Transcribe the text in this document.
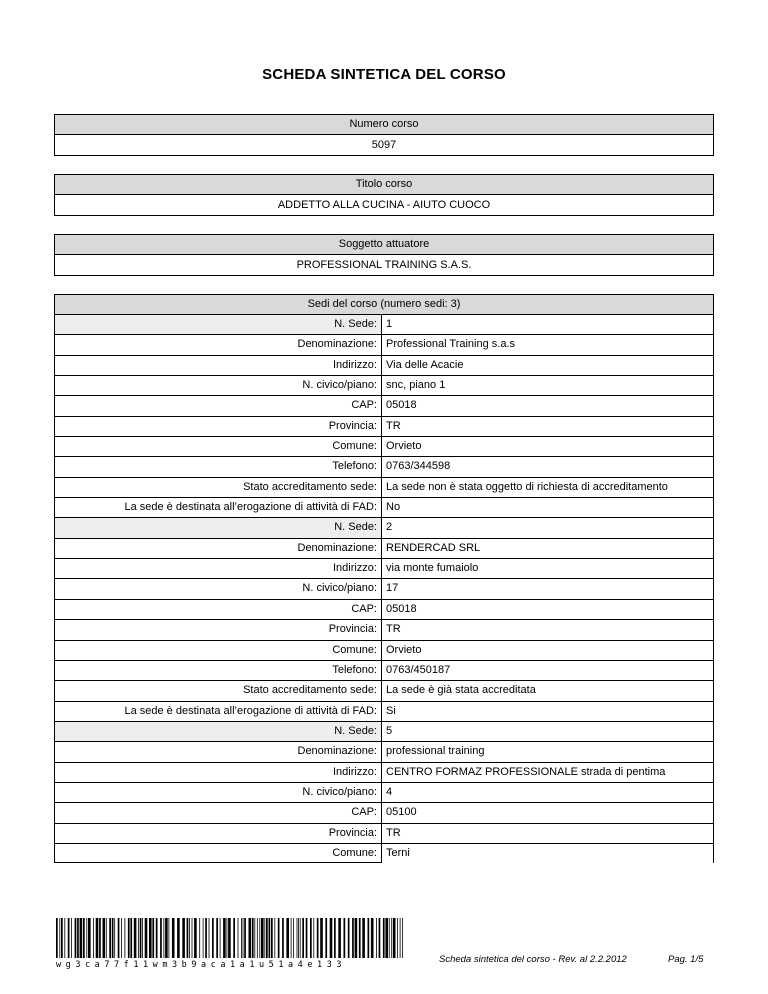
SCHEDA SINTETICA DEL CORSO
Numero corso
5097
Titolo corso
ADDETTO ALLA CUCINA - AIUTO CUOCO
Soggetto attuatore
PROFESSIONAL TRAINING S.A.S.
Sedi del corso (numero sedi: 3)
N. Sede: 1
Denominazione: Professional Training s.a.s
Indirizzo: Via delle Acacie
N. civico/piano: snc, piano 1
CAP: 05018
Provincia: TR
Comune: Orvieto
Telefono: 0763/344598
Stato accreditamento sede: La sede non è stata oggetto di richiesta di accreditamento
La sede è destinata all’erogazione di attività di FAD: No
N. Sede: 2
Denominazione: RENDERCAD SRL
Indirizzo: via monte fumaiolo
N. civico/piano: 17
CAP: 05018
Provincia: TR
Comune: Orvieto
Telefono: 0763/450187
Stato accreditamento sede: La sede è già stata accreditata
La sede è destinata all’erogazione di attività di FAD: Si
N. Sede: 5
Denominazione: professional training
Indirizzo: CENTRO FORMAZ PROFESSIONALE strada di pentima
N. civico/piano: 4
CAP: 05100
Provincia: TR
Comune: Terni
wg3ca77f11wm3b9aca1a1u51a4e133	Scheda sintetica del corso - Rev. al 2.2.2012	Pag. 1/5
